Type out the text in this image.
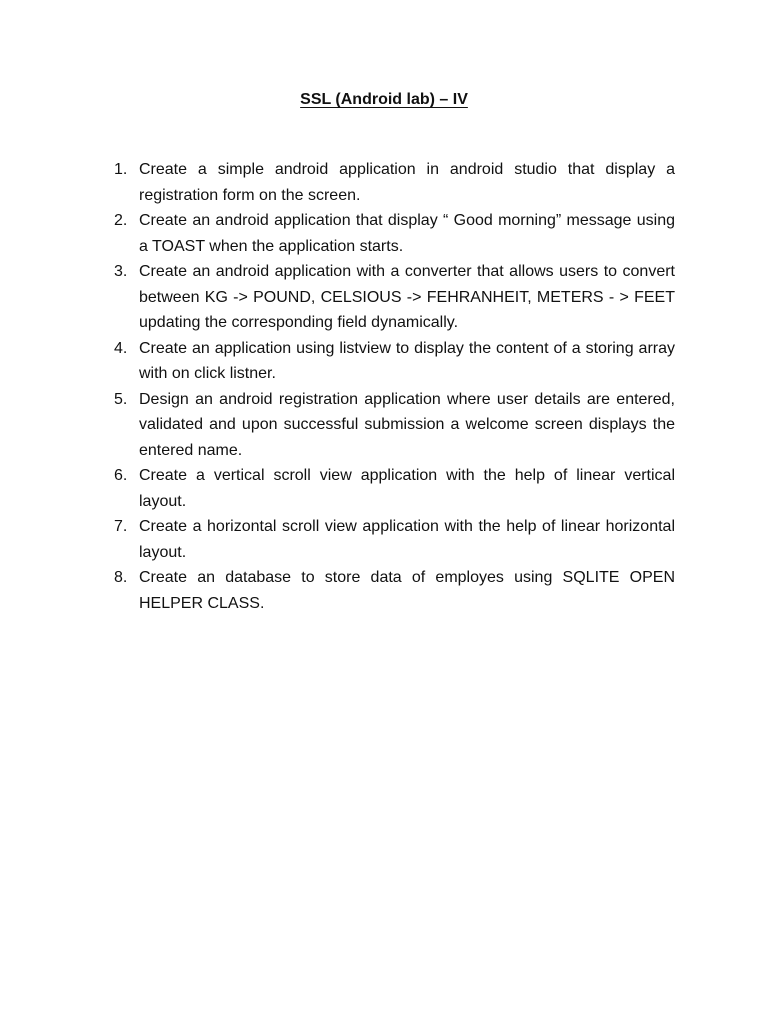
SSL (Android lab) – IV
1. Create a simple android application in android studio that display a registration form on the screen.
2. Create an android application that display “ Good morning” message using a TOAST when the application starts.
3. Create an android application with a converter that allows users to convert between KG -> POUND, CELSIOUS -> FEHRANHEIT, METERS - > FEET updating the corresponding field dynamically.
4. Create an application using listview to display the content of a storing array with on click listner.
5. Design an android registration application where user details are entered, validated and upon successful submission a welcome screen displays the entered name.
6. Create a vertical scroll view application with the help of linear vertical layout.
7. Create a horizontal scroll view application with the help of linear horizontal layout.
8. Create an database to store data of employes using SQLITE OPEN HELPER CLASS.
